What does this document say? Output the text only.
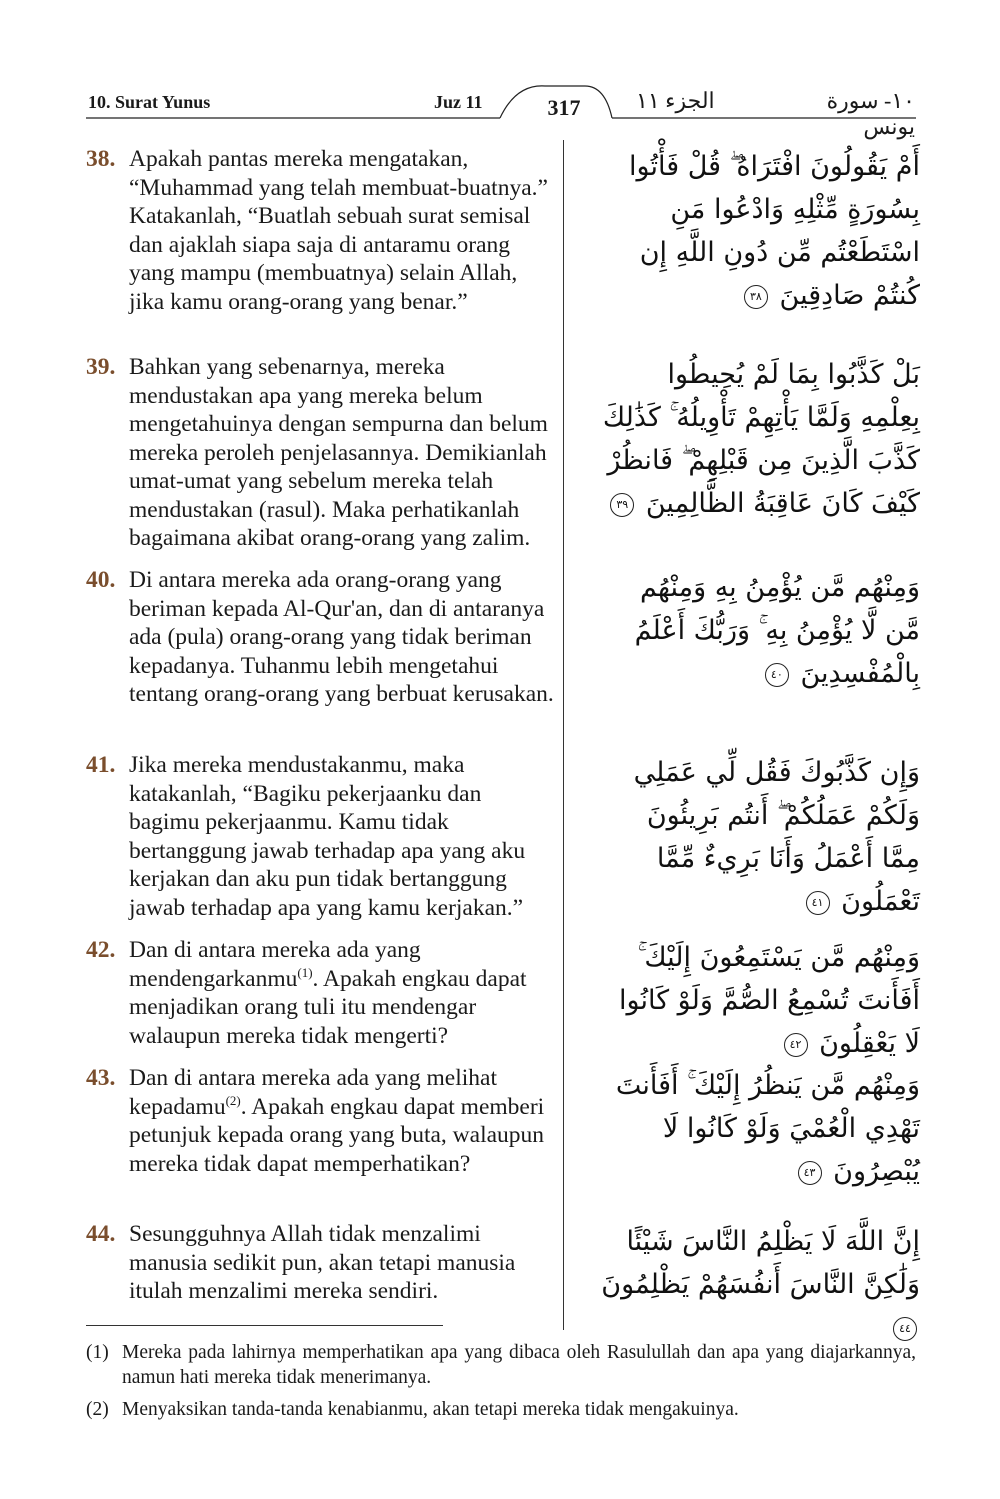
10. Surat Yunus	Juz 11	317	الجزء ١١	١٠- سورة يونس
38. Apakah pantas mereka mengatakan, “Muhammad yang telah membuat-buatnya.” Katakanlah, “Buatlah sebuah surat semisal dan ajaklah siapa saja di antaramu orang yang mampu (membuatnya) selain Allah, jika kamu orang-orang yang benar.”
أَمْ يَقُولُونَ افْتَرَاهُ ۖ قُلْ فَأْتُوا بِسُورَةٍ مِّثْلِهِ وَادْعُوا مَنِ اسْتَطَعْتُم مِّن دُونِ اللَّهِ إِن كُنتُمْ صَادِقِينَ ٣٨
39. Bahkan yang sebenarnya, mereka mendustakan apa yang mereka belum mengetahuinya dengan sempurna dan belum mereka peroleh penjelasannya. Demikianlah umat-umat yang sebelum mereka telah mendustakan (rasul). Maka perhatikanlah bagaimana akibat orang-orang yang zalim.
بَلْ كَذَّبُوا بِمَا لَمْ يُحِيطُوا بِعِلْمِهِ وَلَمَّا يَأْتِهِمْ تَأْوِيلُهُ ۚ كَذَٰلِكَ كَذَّبَ الَّذِينَ مِن قَبْلِهِمْ ۖ فَانظُرْ كَيْفَ كَانَ عَاقِبَةُ الظَّالِمِينَ ٣٩
40. Di antara mereka ada orang-orang yang beriman kepada Al-Qur'an, dan di antaranya ada (pula) orang-orang yang tidak beriman kepadanya. Tuhanmu lebih mengetahui tentang orang-orang yang berbuat kerusakan.
وَمِنْهُم مَّن يُؤْمِنُ بِهِ وَمِنْهُم مَّن لَّا يُؤْمِنُ بِهِ ۚ وَرَبُّكَ أَعْلَمُ بِالْمُفْسِدِينَ ٤٠
41. Jika mereka mendustakanmu, maka katakanlah, “Bagiku pekerjaanku dan bagimu pekerjaanmu. Kamu tidak bertanggung jawab terhadap apa yang aku kerjakan dan aku pun tidak bertanggung jawab terhadap apa yang kamu kerjakan.”
وَإِن كَذَّبُوكَ فَقُل لِّي عَمَلِي وَلَكُمْ عَمَلُكُمْ ۖ أَنتُم بَرِيئُونَ مِمَّا أَعْمَلُ وَأَنَا بَرِيءٌ مِّمَّا تَعْمَلُونَ ٤١
42. Dan di antara mereka ada yang mendengarkanmu$^{(1)}$. Apakah engkau dapat menjadikan orang tuli itu mendengar walaupun mereka tidak mengerti?
وَمِنْهُم مَّن يَسْتَمِعُونَ إِلَيْكَ ۚ أَفَأَنتَ تُسْمِعُ الصُّمَّ وَلَوْ كَانُوا لَا يَعْقِلُونَ ٤٢
43. Dan di antara mereka ada yang melihat kepadamu$^{(2)}$. Apakah engkau dapat memberi petunjuk kepada orang yang buta, walaupun mereka tidak dapat memperhatikan?
وَمِنْهُم مَّن يَنظُرُ إِلَيْكَ ۚ أَفَأَنتَ تَهْدِي الْعُمْيَ وَلَوْ كَانُوا لَا يُبْصِرُونَ ٤٣
44. Sesungguhnya Allah tidak menzalimi manusia sedikit pun, akan tetapi manusia itulah menzalimi mereka sendiri.
إِنَّ اللَّهَ لَا يَظْلِمُ النَّاسَ شَيْئًا وَلَٰكِنَّ النَّاسَ أَنفُسَهُمْ يَظْلِمُونَ ٤٤
(1) Mereka pada lahirnya memperhatikan apa yang dibaca oleh Rasulullah dan apa yang diajarkannya, namun hati mereka tidak menerimanya.
(2) Menyaksikan tanda-tanda kenabianmu, akan tetapi mereka tidak mengakuinya.
